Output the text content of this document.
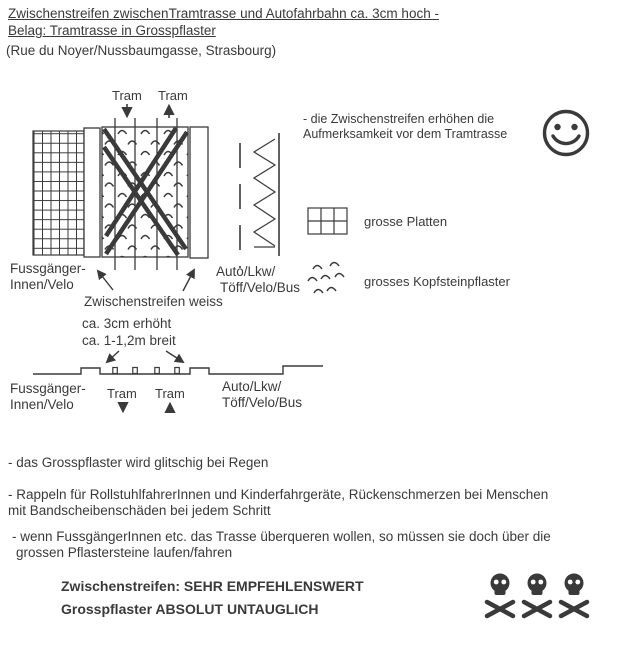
Zwischenstreifen zwischenTramtrasse und Autofahrbahn ca. 3cm hoch -
Belag: Tramtrasse in Grosspflaster
(Rue du Noyer/Nussbaumgasse, Strasbourg)
Tram Tram
- die Zwischenstreifen erhöhen die
Aufmerksamkeit vor dem Tramtrasse
grosse Platten
grosses Kopfsteinpflaster
Fussgänger-
Innen/Velo
Auto/Lkw/
Töff/Velo/Bus
Zwischenstreifen weiss
ca. 3cm erhöht
ca. 1-1,2m breit
Fussgänger-
Innen/Velo
Tram Tram	Auto/Lkw/
Töff/Velo/Bus
- das Grosspflaster wird glitschig bei Regen
- Rappeln für RollstuhlfahrerInnen und Kinderfahrgeräte, Rückenschmerzen bei Menschen
mit Bandscheibenschäden bei jedem Schritt
- wenn FussgängerInnen etc. das Trasse überqueren wollen, so müssen sie doch über die
grossen Pflastersteine laufen/fahren
Zwischenstreifen: SEHR EMPFEHLENSWERT
Grosspflaster ABSOLUT UNTAUGLICH
